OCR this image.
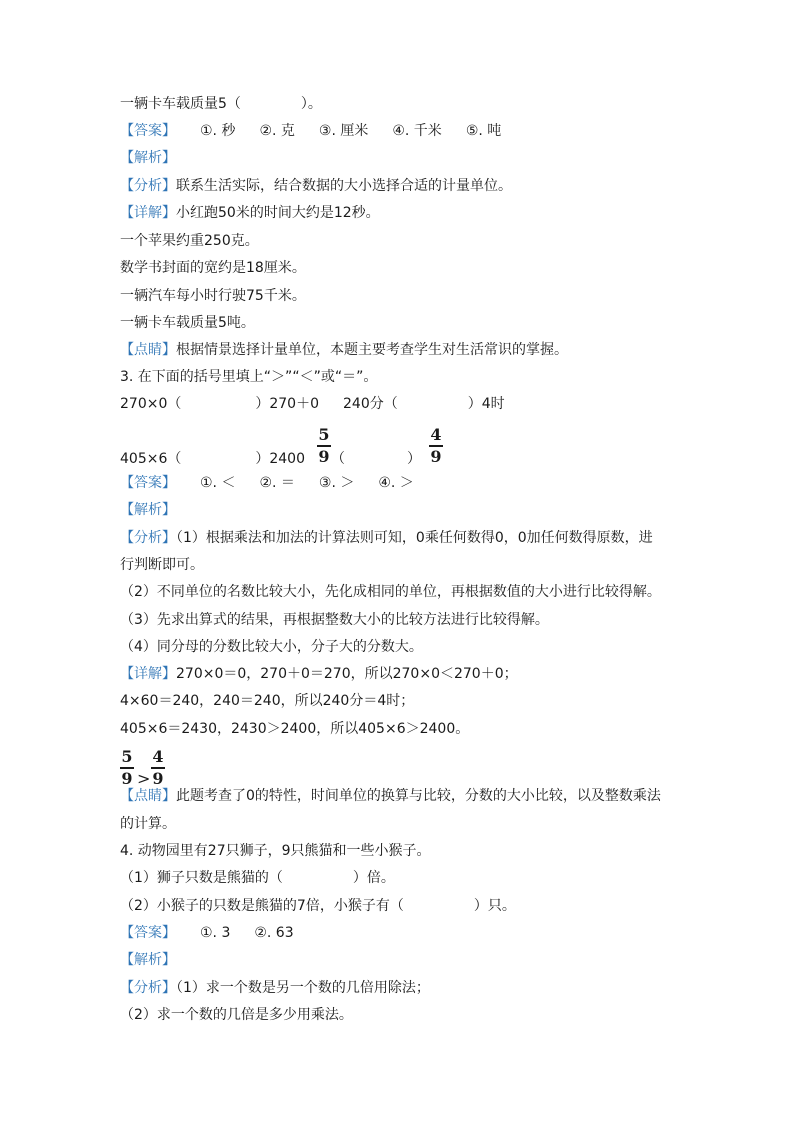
一辆卡车载质量5（	）。
【答案】 ①. 秒 ②. 克 ③. 厘米 ④. 千米 ⑤. 吨
【解析】
【分析】联系生活实际，结合数据的大小选择合适的计量单位。
【详解】小红跑50米的时间大约是12秒。
一个苹果约重250克。
数学书封面的宽约是18厘米。
一辆汽车每小时行驶75千米。
一辆卡车载质量5吨。
【点睛】根据情景选择计量单位，本题主要考查学生对生活常识的掌握。
3. 在下面的括号里填上“＞”“＜”或“＝”。
270×0（	）270＋0 240分（	）4时
405×6（	）2400
5
9 （	）
4
9
【答案】 ①. ＜ ②. ＝ ③. ＞ ④. ＞
【解析】
【分析】（1）根据乘法和加法的计算法则可知，0乘任何数得0，0加任何数得原数，进
行判断即可。
（2）不同单位的名数比较大小，先化成相同的单位，再根据数值的大小进行比较得解。
（3）先求出算式的结果，再根据整数大小的比较方法进行比较得解。
（4）同分母的分数比较大小，分子大的分数大。
【详解】270×0＝0，270＋0＝270，所以270×0＜270＋0；
4×60＝240，240＝240，所以240分＝4时；
405×6＝2430，2430＞2400，所以405×6＞2400。
5
9 >
4
9
【点睛】此题考查了0的特性，时间单位的换算与比较，分数的大小比较，以及整数乘法
的计算。
4. 动物园里有27只狮子，9只熊猫和一些小猴子。
（1）狮子只数是熊猫的（	）倍。
（2）小猴子的只数是熊猫的7倍，小猴子有（	）只。
【答案】 ①. 3 ②. 63
【解析】
【分析】（1）求一个数是另一个数的几倍用除法；
（2）求一个数的几倍是多少用乘法。
